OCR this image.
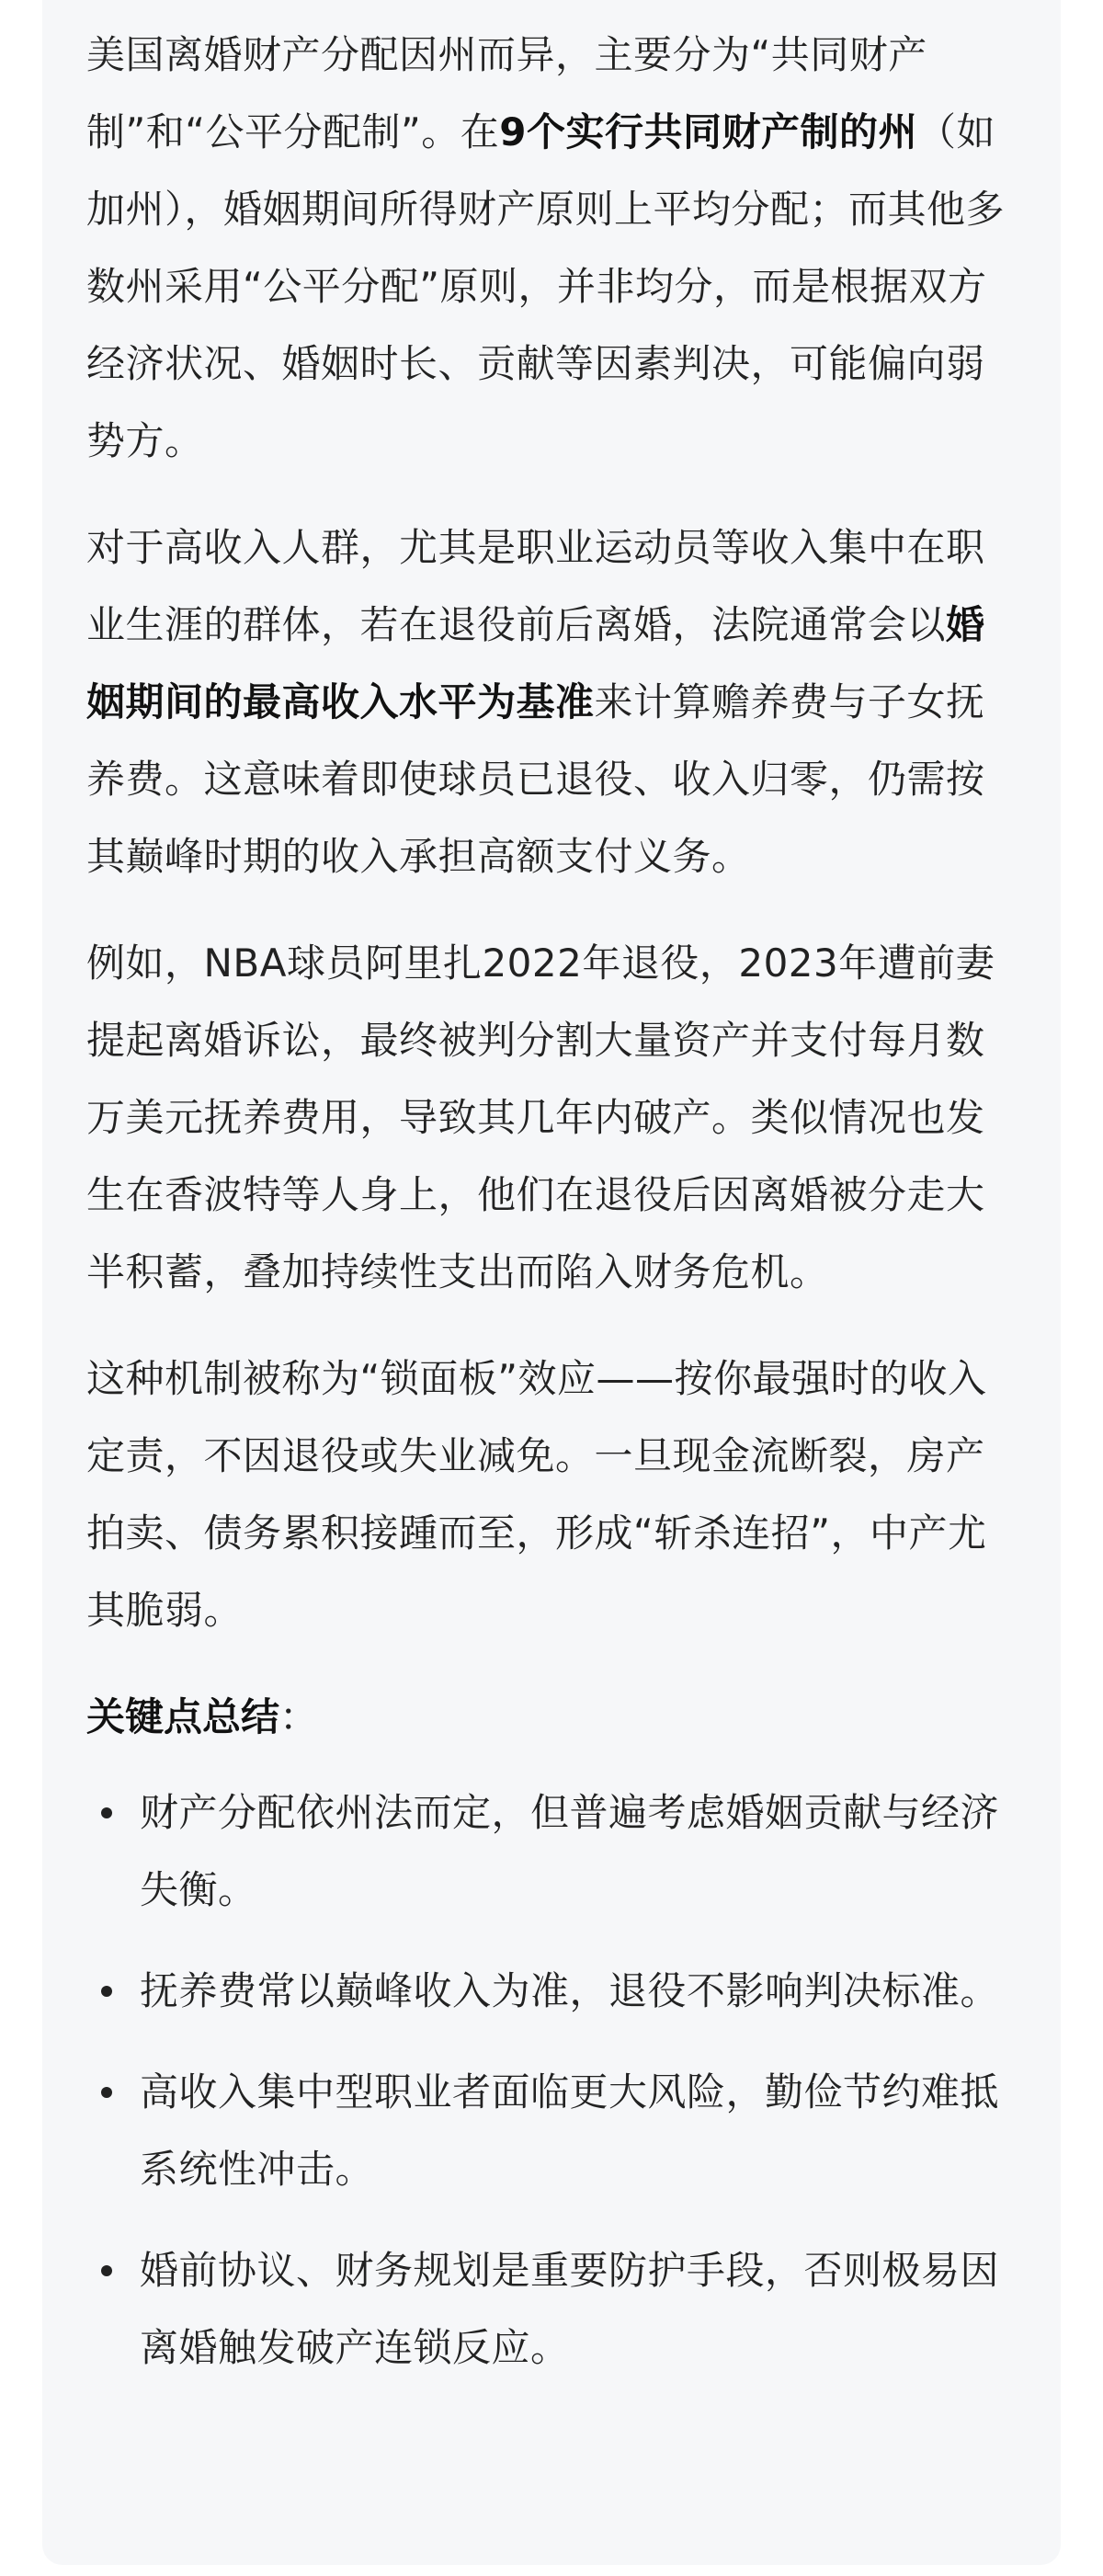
美国离婚财产分配因州而异，主要分为“共同财产制”和“公平分配制”。在9个实行共同财产制的州（如加州），婚姻期间所得财产原则上平均分配；而其他多数州采用“公平分配”原则，并非均分，而是根据双方经济状况、婚姻时长、贡献等因素判决，可能偏向弱势方。

对于高收入人群，尤其是职业运动员等收入集中在职业生涯的群体，若在退役前后离婚，法院通常会以婚姻期间的最高收入水平为基准来计算赡养费与子女抚养费。这意味着即使球员已退役、收入归零，仍需按其巅峰时期的收入承担高额支付义务。

例如，NBA球员阿里扎2022年退役，2023年遭前妻提起离婚诉讼，最终被判分割大量资产并支付每月数万美元抚养费用，导致其几年内破产。类似情况也发生在香波特等人身上，他们在退役后因离婚被分走大半积蓄，叠加持续性支出而陷入财务危机。

这种机制被称为“锁面板”效应——按你最强时的收入定责，不因退役或失业减免。一旦现金流断裂，房产拍卖、债务累积接踵而至，形成“斩杀连招”，中产尤其脆弱。

关键点总结：

财产分配依州法而定，但普遍考虑婚姻贡献与经济失衡。
抚养费常以巅峰收入为准，退役不影响判决标准。
高收入集中型职业者面临更大风险，勤俭节约难抵系统性冲击。
婚前协议、财务规划是重要防护手段，否则极易因离婚触发破产连锁反应。
